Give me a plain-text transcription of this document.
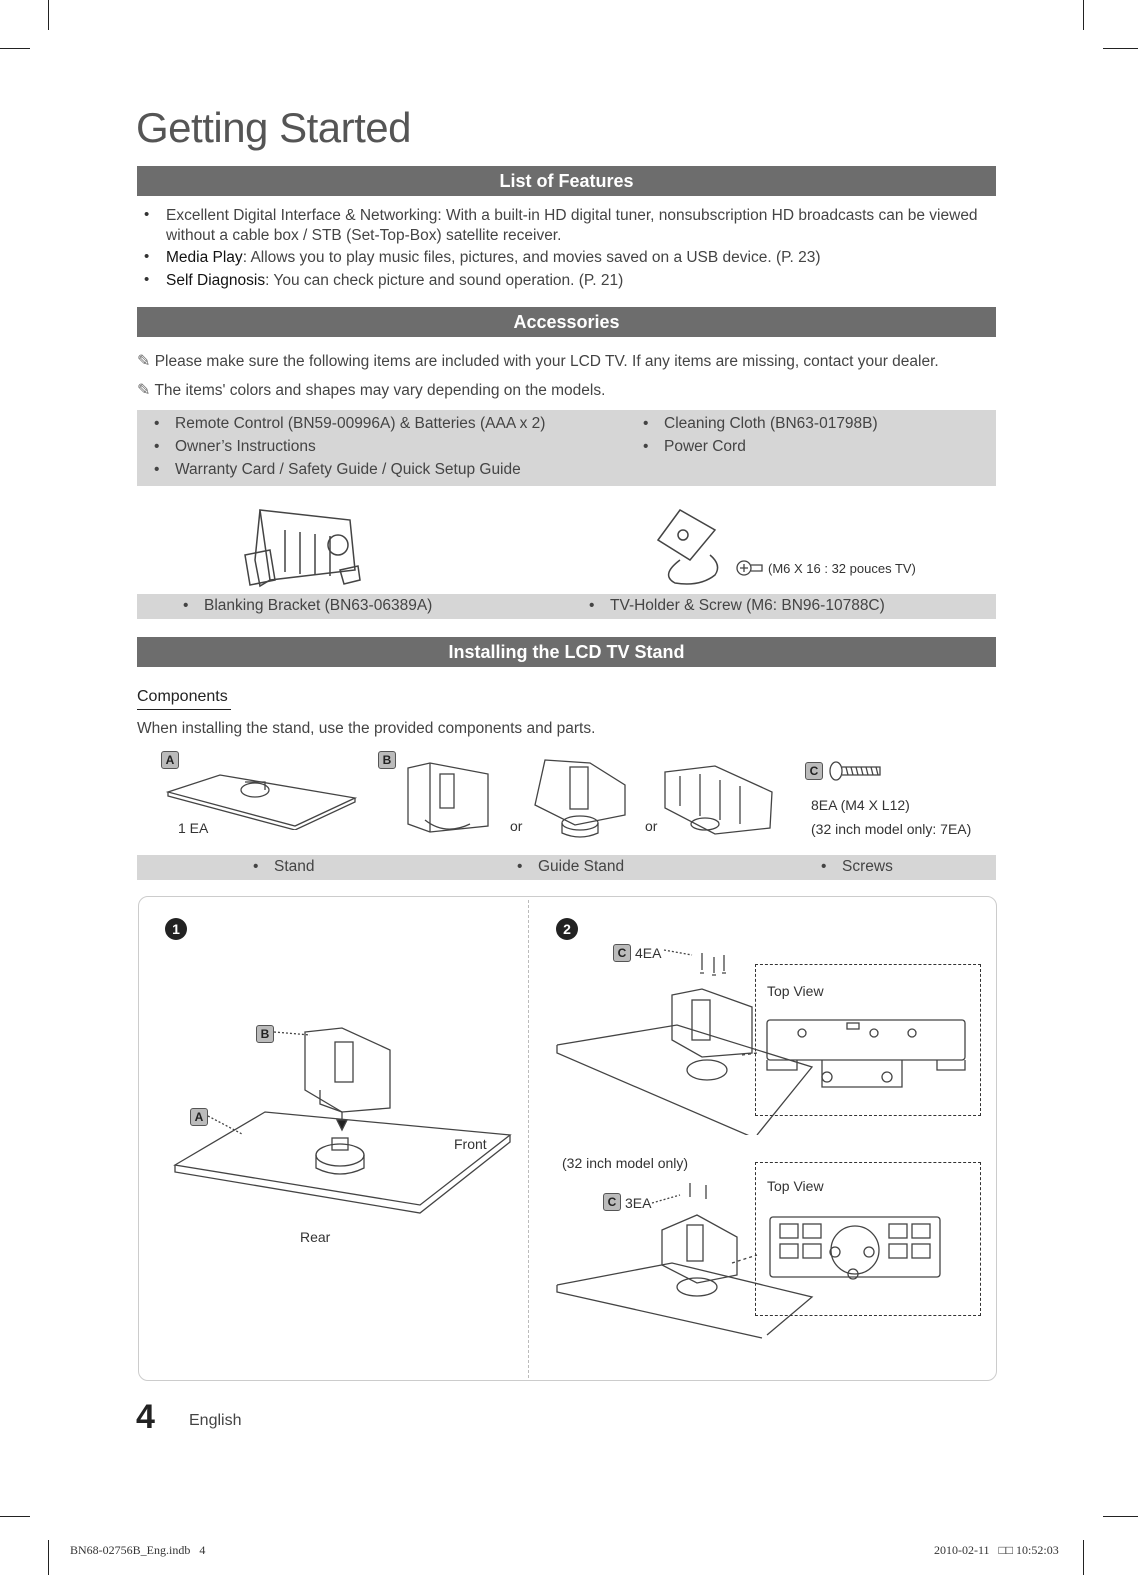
Getting Started
List of Features
• Excellent Digital Interface & Networking: With a built-in HD digital tuner, nonsubscription HD broadcasts can be viewed
without a cable box / STB (Set-Top-Box) satellite receiver.
• Media Play: Allows you to play music files, pictures, and movies saved on a USB device. (P. 23)
• Self Diagnosis: You can check picture and sound operation. (P. 21)
Accessories
✎ Please make sure the following items are included with your LCD TV. If any items are missing, contact your dealer.
✎ The items' colors and shapes may vary depending on the models.
• Remote Control (BN59-00996A) & Batteries (AAA x 2)
• Owner’s Instructions
• Warranty Card / Safety Guide / Quick Setup Guide
• Cleaning Cloth (BN63-01798B)
• Power Cord
(M6 X 16 : 32 pouces TV)
• Blanking Bracket (BN63-06389A)	• TV-Holder & Screw (M6: BN96-10788C)
Installing the LCD TV Stand
Components
When installing the stand, use the provided components and parts.
A
1 EA
B
or	or
C
8EA (M4 X L12)
(32 inch model only: 7EA)
• Stand	• Guide Stand	• Screws
1
B
A
Front
Rear
2
C 4EA
Top View
(32 inch model only)
C 3EA
Top View
4 English
BN68-02756B_Eng.indb   4	2010-02-11   □□ 10:52:03
